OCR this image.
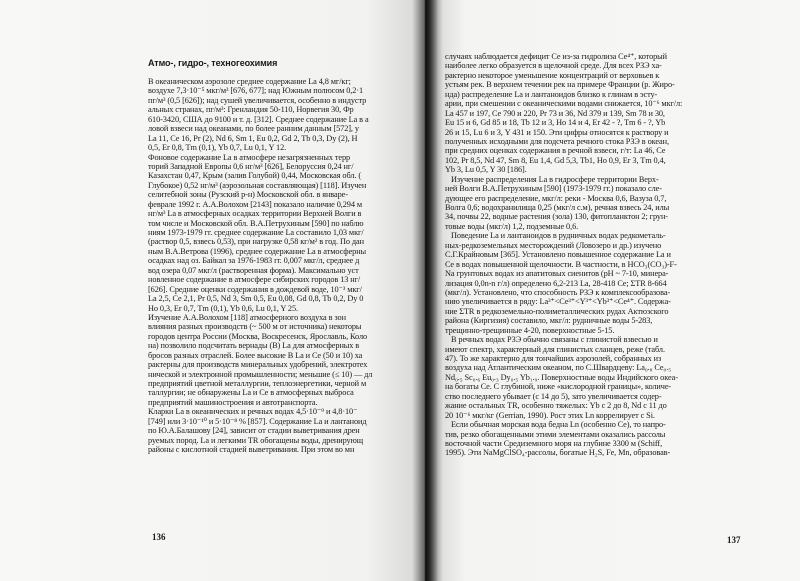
Атмо-, гидро-, техногеохимия
В океаническом аэрозоле среднее содержание La 4,8 мг/кг;
воздухе 7,3·10⁻⁵ мкг/м³ [676, 677]; над Южным полюсом 0,2·1
пг/м³ (0,5 [626]); над сушей увеличивается, особенно в индустр
альных странах, пг/м³: Гренландия 50-110, Норвегия 30, Фр
610-3420, США до 9100 и т. д. [312]. Среднее содержание La в а
ловой взвеси над океанами, по более ранним данным [572], у
La 11, Ce 16, Pr (2), Nd 6, Sm 1, Eu 0,2, Gd 2, Tb 0,3, Dy (2), H
0,5, Er 0,8, Tm (0,1), Yb 0,7, Lu 0,1, Y 12.
Фоновое содержание La в атмосфере незагрязненных терр
торий Западной Европы 0,6 нг/м³ [626], Белоруссия 0,24 нг/
Казахстан 0,47, Крым (залив Голубой) 0,44, Московская обл. (
Глубокое) 0,52 нг/м³ (аэрозольная составляющая) [118]. Изучен
селитебной зоны (Рузский р-н) Московской обл. в январе-
феврале 1992 г. А.А.Волохом [2143] показало наличие 0,294 м
нг/м³ La в атмосферных осадках территории Верхней Волги в
том числе и Московской обл. В.А.Петрухиным [590] по наблю
ниям 1973-1979 гг. среднее содержание La составило 1,03 мкг/
(раствор 0,5, взвесь 0,53), при нагрузке 0,58 кг/м² в год. По дан
ным В.А.Ветрова (1996), среднее содержание La в атмосферны
осадках над оз. Байкал за 1976-1983 гг. 0,007 мкг/л, среднее д
вод озера 0,07 мкг/л (растворенная форма). Максимально уст
новленное содержание в атмосфере сибирских городов 13 нг/
[626]. Средние оценки содержания в дождевой воде, 10⁻³ мкг/
La 2,5, Ce 2,1, Pr 0,5, Nd 3, Sm 0,5, Eu 0,08, Gd 0,8, Tb 0,2, Dy 0
Ho 0,3, Er 0,7, Tm (0,1), Yb 0,6, Lu 0,1, Y 25.
Изучение А.А.Волохом [118] атмосферного воздуха в зон
влияния разных производств (~ 500 м от источника) некоторы
городов центра России (Москва, Воскресенск, Ярославль, Коло
на) позволило подсчитать вернады (В) La для атмосферных в
бросов разных отраслей. Более высокие В La и Ce (50 и 10) ха
рактерны для производств минеральных удобрений, электротех
нической и электронной промышленности; меньшие (≤ 10) — дл
предприятий цветной металлургии, теплоэнергетики, черной м
таллургии; не обнаружены La и Ce в атмосферных выброса
предприятий машиностроения и автотранспорта.
Кларки La в океанических и речных водах 4,5·10⁻⁹ и 4,8·10⁻
[749] или 3·10⁻¹⁰ и 5·10⁻⁸ % [857]. Содержание La и лантаноид
по Ю.А.Балашову [24], зависит от стадии выветривания дрен
руемых пород. La и легкими TR обогащены воды, дренирующ
районы с кислотной стадией выветривания. При этом во мн
136
случаях наблюдается дефицит Ce из-за гидролиза Ce⁴⁺, который
наиболее легко образуется в щелочной среде. Для всех РЗЭ ха-
рактерно некоторое уменьшение концентраций от верховьев к
устьям рек. В верхнем течении рек на примере Франции (р. Жиро-
нда) распределение La и лантаноидов близко к глинам в эсту-
арии, при смешении с океаническими водами снижается, 10⁻⁶ мкг/л:
La 457 и 197, Ce 790 и 220, Pr 73 и 36, Nd 379 и 139, Sm 78 и 30,
Eu 15 и 6, Gd 85 и 18, Tb 12 и 3, Ho 14 и 4, Er 42 - ?, Tm 6 - ?, Yb
26 и 15, Lu 6 и 3, Y 431 и 150. Эти цифры относятся к раствору и
полученных исходными для подсчета речного стока РЗЭ в океан,
при средних оценках содержания в речной взвеси, г/т: La 46, Ce
102, Pr 8,5, Nd 47, Sm 8, Eu 1,4, Gd 5,3, Tb1, Ho 0,9, Er 3, Tm 0,4,
Yb 3, Lu 0,5, Y 30 [186].
Изучение распределения La в гидросфере территории Верх-
ней Волги В.А.Петрухиным [590] (1973-1979 гг.) показало сле-
дующее его распределение, мкг/л: реки - Москва 0,6, Вазуза 0,7,
Волга 0,6; водохранилища 0,25 (мкг/л с.м), речная взвесь 24, илы
34, почвы 22, водные растения (зола) 130, фитопланктон 2; грун-
товые воды (мкг/л) 1,2, подземные 0,6.
Поведение La и лантаноидов в рудничных водах редкометаль-
ных-редкоземельных месторождений (Ловозеро и др.) изучено
С.Г.Крайновым [365]. Установлено повышенное содержание La и
Ce в водах повышенной щелочности. В частности, в HCO₃(CO₃)-F-
Na грунтовых водах из апатитовых сиенитов (рН ~ 7-10, минера-
лизация 0,0n-n г/л) определено 6,2-213 La, 28-418 Ce; ΣTR 8-664
(мкг/л). Установлено, что способность РЗЭ к комплексообразова-
нию увеличивается в ряду: La³⁺<Ce³⁺<Y³⁺<Yb³⁺<Ce⁴⁺. Содержа-
ние ΣTR в редкоземельно-полиметаллических рудах Актюзского
района (Киргизия) составило, мкг/л: рудничные воды 5-283,
трещинно-трещинные 4-20, поверхностные 5-15.
В речных водах РЗЭ обычно связаны с глинистой взвесью и
имеют спектр, характерный для глинистых сланцев, реже (табл.
47). То же характерно для тончайших аэрозолей, собранных из
воздуха над Атлантическим океаном, по С.Швардцеву: La₀.₈ Ce₀.₅
Nd₀.₅ Sc₀.₆ Eu₀.₃ Dy₀.₅ Yb₁.₉. Поверхностные воды Индийского океа-
на богаты Ce. С глубиной, ниже «кислородной границы», количе-
ство последнего убывает (с 14 до 5), зато увеличивается содер-
жание остальных TR, особенно тяжелых: Yb с 2 до 8, Nd с 11 до
20 10⁻⁶ мкг/кг (Gerrian, 1990). Рост этих Ln коррелирует с Si.
Если обычная морская вода бедна Ln (особенно Ce), то напро-
тив, резко обогащенными этими элементами оказались рассолы
восточной части Средиземного моря на глубине 3300 м (Schiff,
1995). Эти NaMgClSO₄-рассолы, богатые H₂S, Fe, Mn, образовав-
137
